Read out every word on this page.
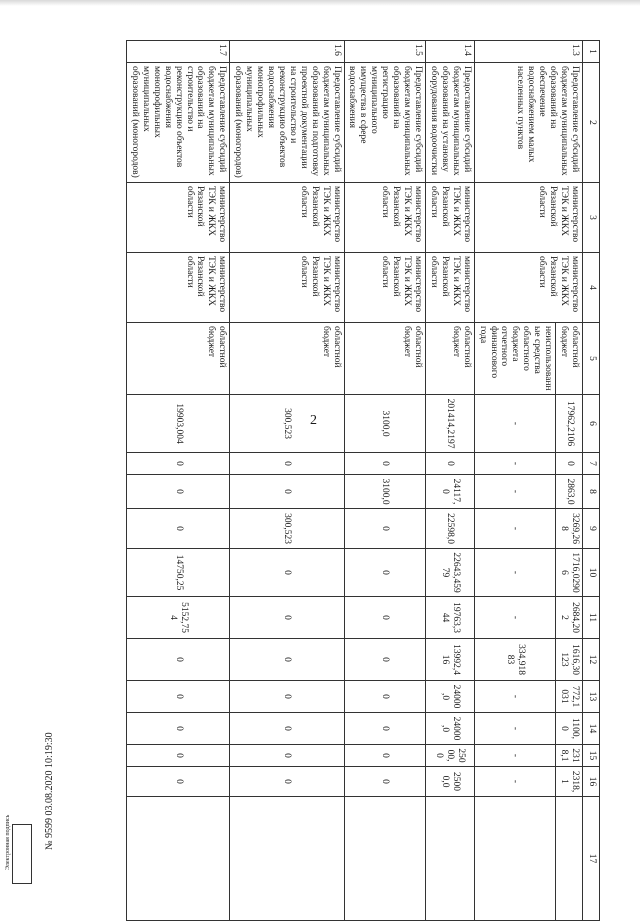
2
1	2	3	4	5	6	7	8	9	10	11	12	13	14	15	16	17
1.3	Предоставление субсидий бюджетам муниципальных образований на обеспечение водоснабжением малых населенных пунктов	министерство ТЭК и ЖКХ Рязанской области	министерство ТЭК и ЖКХ Рязанской области	областной бюджет	17962,2106	0	2863,0	3269,268	1716,02906	2684,202	1616,30123	772,1031	1100,0	2318,1	2318,1	
				неиспользованные средства областного бюджета отчетного финансового года	-	-	-	-	-	-	334,91883	-	-	-	-	
1.4	Предоставление субсидий бюджетам муниципальных образований на установку оборудования водоочистки	министерство ТЭК и ЖКХ Рязанской области	министерство ТЭК и ЖКХ Рязанской области	областной бюджет	201414,2197	0	24117,0	22598,0	22643,45979	19763,344	13992,416	24000,0	24000,0	25000,0	25000,0	
1.5	Предоставление субсидий бюджетам муниципальных образований на регистрацию муниципального имущества в сфере водоснабжения	министерство ТЭК и ЖКХ Рязанской области	министерство ТЭК и ЖКХ Рязанской области	областной бюджет	3100,0	0	3100,0	0	0	0	0	0	0	0	0	
1.6	Предоставление субсидий бюджетам муниципальных образований на подготовку проектной документации на строительство и реконструкцию объектов водоснабжения монопрофильных муниципальных образований (моногородов)	министерство ТЭК и ЖКХ Рязанской области	министерство ТЭК и ЖКХ Рязанской области	областной бюджет	300,523	0	0	300,523	0	0	0	0	0	0	0	
1.7	Предоставление субсидий бюджетам муниципальных образований на строительство и реконструкцию объектов водоснабжения монопрофильных муниципальных образований (моногородов)	министерство ТЭК и ЖКХ Рязанской области	министерство ТЭК и ЖКХ Рязанской области	областной бюджет	19903,004	0	0	0	14750,25	5152,754	0	0	0	0	0	
Электронная подпись	№ 9599 03.08.2020 10:19:30
